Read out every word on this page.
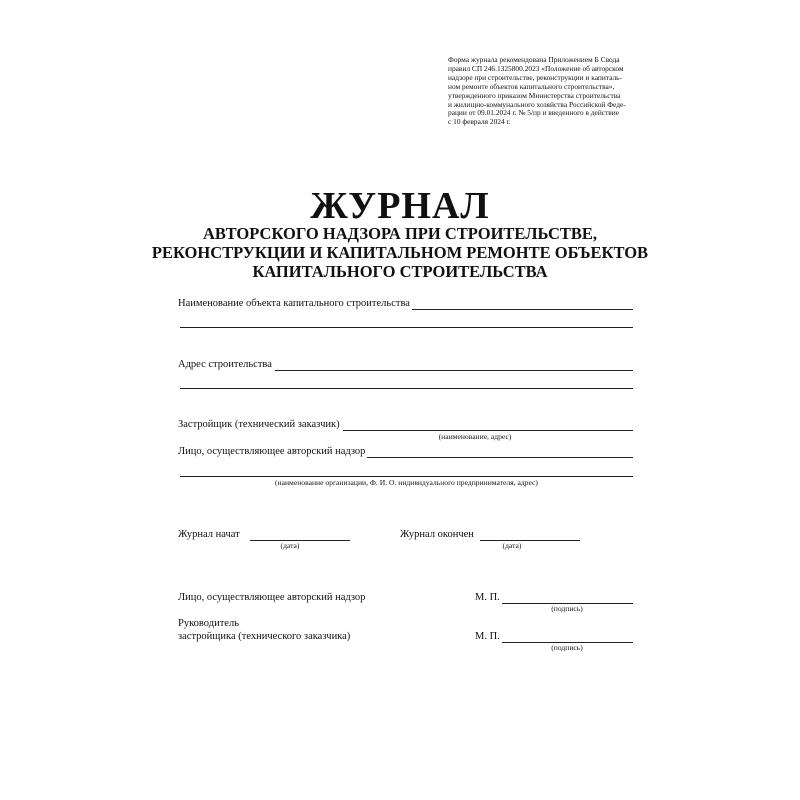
Форма журнала рекомендована Приложением Б Свода
правил СП 246.1325800.2023 «Положение об авторском
надзоре при строительстве, реконструкции и капиталь-
ном ремонте объектов капитального строительства»,
утвержденного приказом Министерства строительства
и жилищно-коммунального хозяйства Российской Феде-
рации от 09.01.2024 г. № 5/пр и введенного в действие
с 10 февраля 2024 г.
ЖУРНАЛ
АВТОРСКОГО НАДЗОРА ПРИ СТРОИТЕЛЬСТВЕ,
РЕКОНСТРУКЦИИ И КАПИТАЛЬНОМ РЕМОНТЕ ОБЪЕКТОВ
КАПИТАЛЬНОГО СТРОИТЕЛЬСТВА
Наименование объекта капитального строительства
Адрес строительства
Застройщик (технический заказчик)
(наименование, адрес)
Лицо, осуществляющее авторский надзор
(наименование организации, Ф. И. О. индивидуального предпринимателя, адрес)
Журнал начат
(дата)
Журнал окончен
(дата)
Лицо, осуществляющее авторский надзор	М. П.
(подпись)
Руководитель
застройщика (технического заказчика)	М. П.
(подпись)
